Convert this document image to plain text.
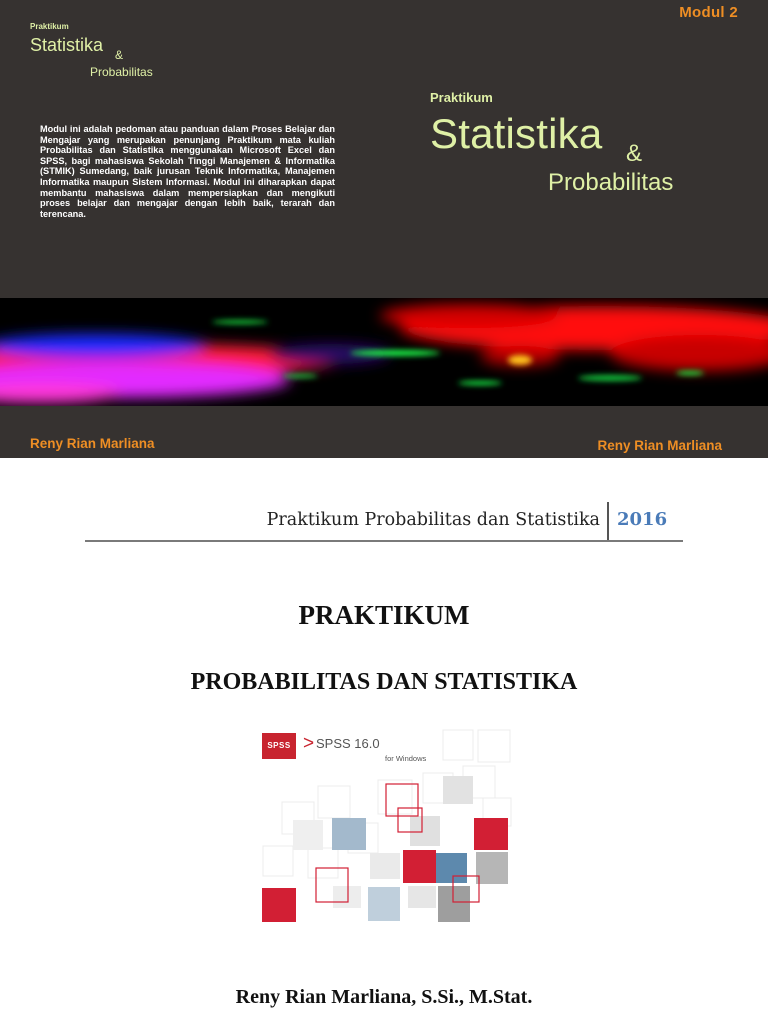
Modul 2
Praktikum
Statistika &
Probabilitas
Modul ini adalah pedoman atau panduan dalam Proses Belajar dan Mengajar yang merupakan penunjang Praktikum mata kuliah Probabilitas dan Statistika menggunakan Microsoft Excel dan SPSS, bagi mahasiswa Sekolah Tinggi Manajemen & Informatika (STMIK) Sumedang, baik jurusan Teknik Informatika, Manajemen Informatika maupun Sistem Informasi. Modul ini diharapkan dapat membantu mahasiswa dalam mempersiapkan dan mengikuti proses belajar dan mengajar dengan lebih baik, terarah dan terencana.
Praktikum
Statistika &
Probabilitas
Reny Rian Marliana	Reny Rian Marliana
Praktikum Probabilitas dan Statistika 2016
PRAKTIKUM
PROBABILITAS DAN STATISTIKA
SPSS > SPSS 16.0
for Windows
Reny Rian Marliana, S.Si., M.Stat.
